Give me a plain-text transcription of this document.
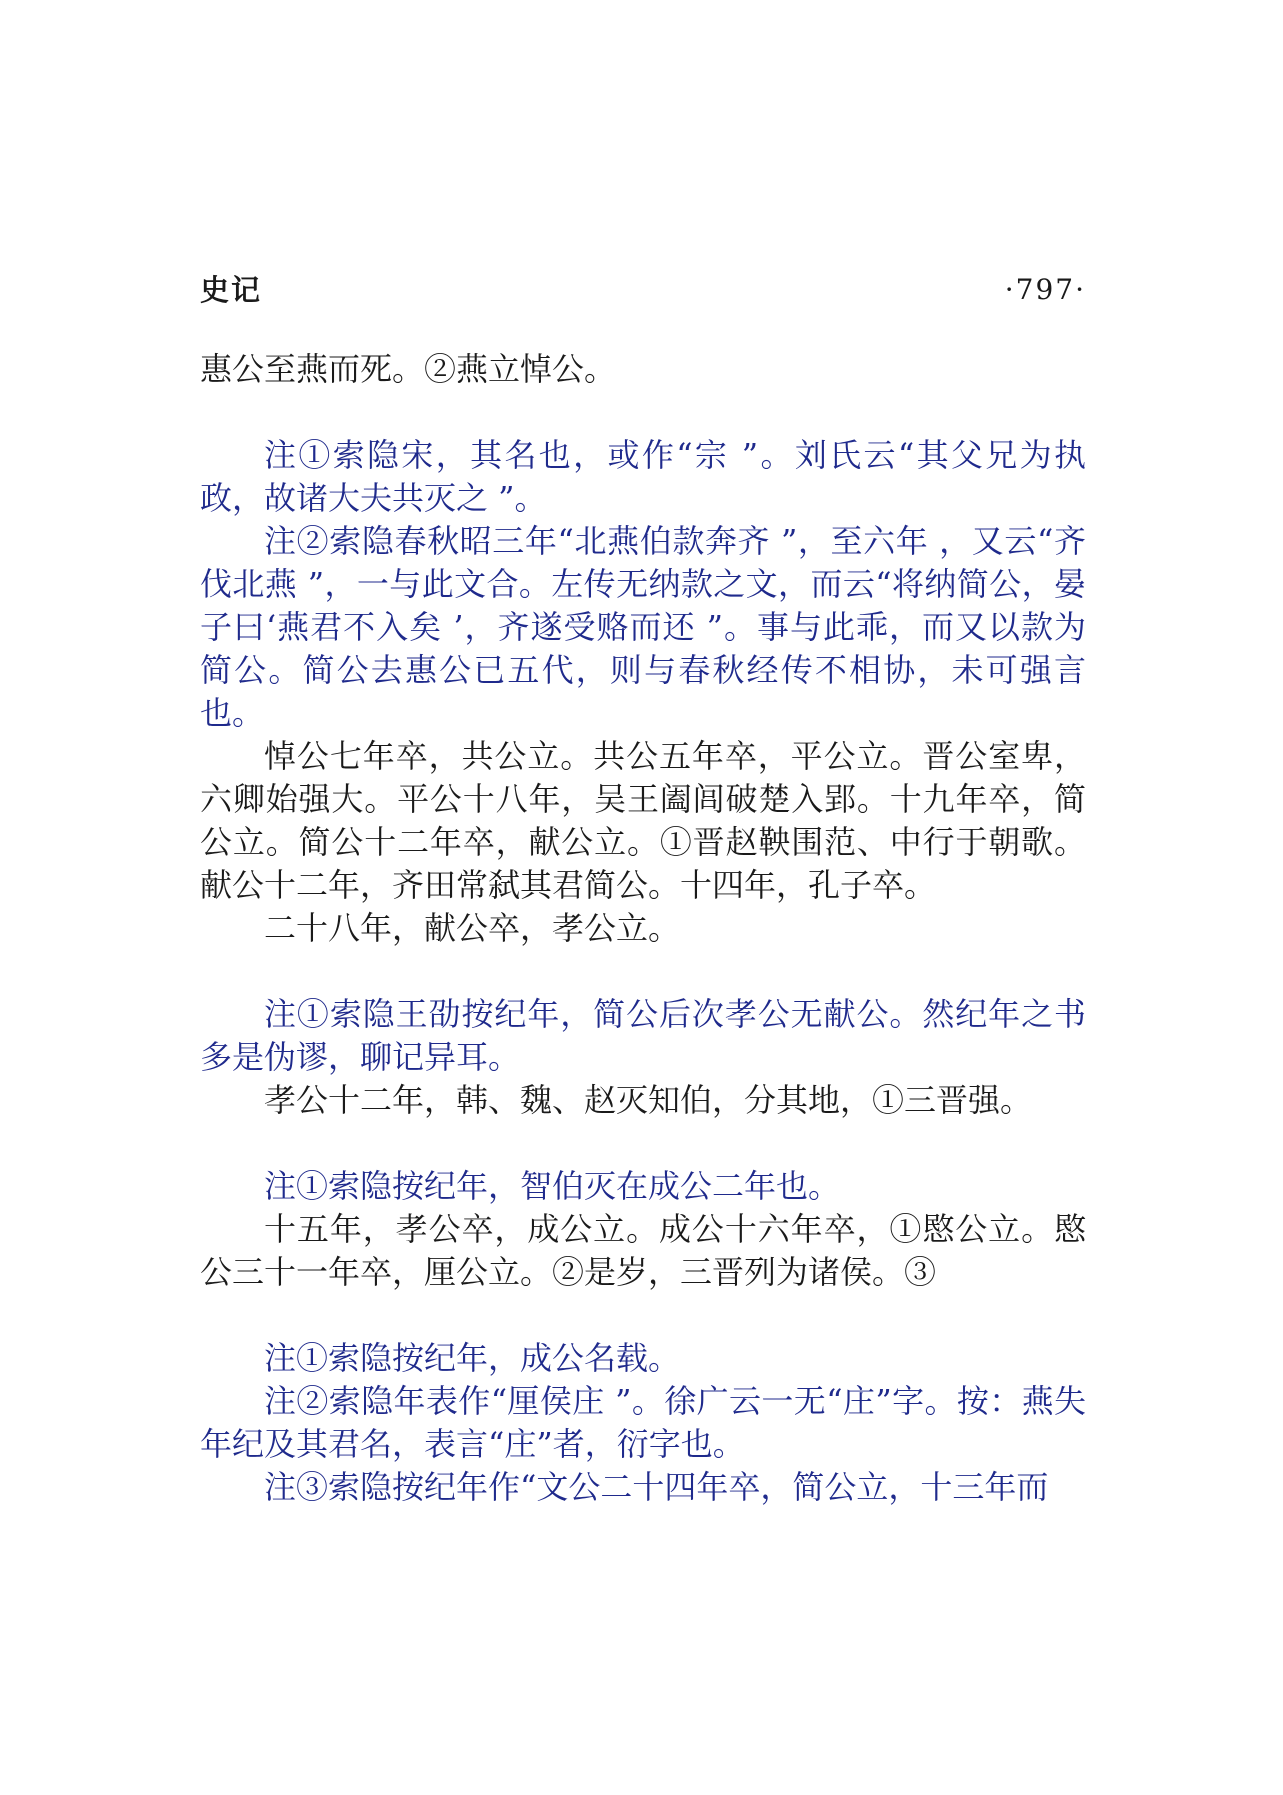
史记	·797·

惠公至燕而死。②燕立悼公。

注①索隐宋，其名也，或作“宗 ”。刘氏云“其父兄为执政，故诸大夫共灭之 ”。

注②索隐春秋昭三年“北燕伯款奔齐 ”，至六年 ，又云“齐伐北燕 ”，一与此文合。左传无纳款之文，而云“将纳简公，晏子曰‘燕君不入矣 ’，齐遂受赂而还 ”。事与此乖，而又以款为简公。简公去惠公已五代，则与春秋经传不相协，未可强言也。

悼公七年卒，共公立。共公五年卒，平公立。晋公室卑，六卿始强大。平公十八年，吴王阖闾破楚入郢。十九年卒，简公立。简公十二年卒，献公立。①晋赵鞅围范、中行于朝歌。献公十二年，齐田常弑其君简公。十四年，孔子卒。

二十八年，献公卒，孝公立。

注①索隐王劭按纪年，简公后次孝公无献公。然纪年之书多是伪谬，聊记异耳。

孝公十二年，韩、魏、赵灭知伯，分其地，①三晋强。

注①索隐按纪年，智伯灭在成公二年也。

十五年，孝公卒，成公立。成公十六年卒，①愍公立。愍公三十一年卒，厘公立。②是岁，三晋列为诸侯。③

注①索隐按纪年，成公名载。

注②索隐年表作“厘侯庄 ”。徐广云一无“庄”字。按：燕失年纪及其君名，表言“庄”者，衍字也。

注③索隐按纪年作“文公二十四年卒，简公立，十三年而
